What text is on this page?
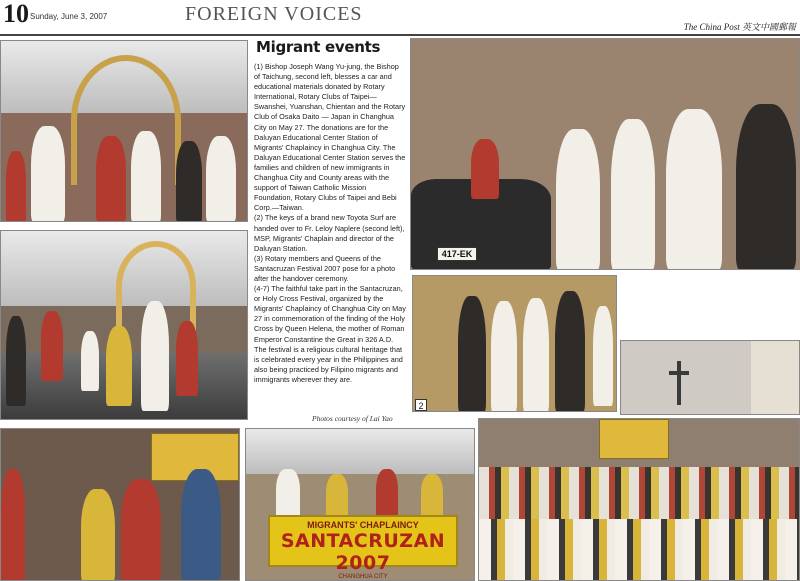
10 Sunday, June 3, 2007	FOREIGN VOICES
The China Post 英文中國郵報
Migrant events

(1) Bishop Joseph Wang Yu-jung, the Bishop of Taichung, second left, blesses a car and educational materials donated by Rotary International, Rotary Clubs of Taipei—Swanshei, Yuanshan, Chientan and the Rotary Club of Osaka Daito — Japan in Changhua City on May 27. The donations are for the Daluyan Educational Center Station of Migrants' Chaplaincy in Changhua City. The Daluyan Educational Center Station serves the families and children of new immigrants in Changhua City and County areas with the support of Taiwan Catholic Mission Foundation, Rotary Clubs of Taipei and Bebi Corp.—Taiwan.

(2) The keys of a brand new Toyota Surf are handed over to Fr. Leloy Naplere (second left), MSP, Migrants' Chaplain and director of the Daluyan Station.

(3) Rotary members and Queens of the Santacruzan Festival 2007 pose for a photo after the handover ceremony.

(4-7) The faithful take part in the Santacruzan, or Holy Cross Festival, organized by the Migrants' Chaplaincy of Changhua City on May 27 in commemoration of the finding of the Holy Cross by Queen Helena, the mother of Roman Emperor Constantine the Great in 326 A.D. The festival is a religious cultural heritage that is celebrated every year in the Philippines and also being practiced by Filipino migrants and immigrants wherever they are.

417-EK
2
MIGRANTS' CHAPLAINCY
SANTACRUZAN 2007
CHANGHUA CITY
Photos courtesy of Lai Yao
